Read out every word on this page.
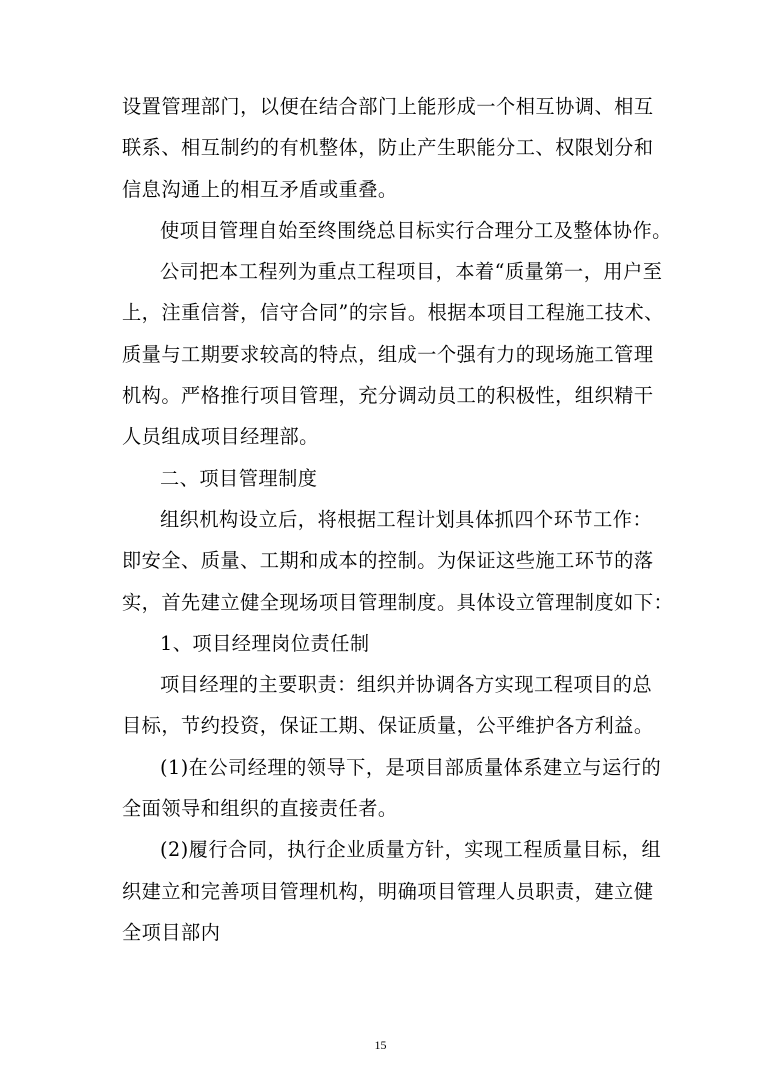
设置管理部门，以便在结合部门上能形成一个相互协调、相互
联系、相互制约的有机整体，防止产生职能分工、权限划分和
信息沟通上的相互矛盾或重叠。
使项目管理自始至终围绕总目标实行合理分工及整体协作。
公司把本工程列为重点工程项目，本着“质量第一，用户至
上，注重信誉，信守合同”的宗旨。根据本项目工程施工技术、
质量与工期要求较高的特点，组成一个强有力的现场施工管理
机构。严格推行项目管理，充分调动员工的积极性，组织精干
人员组成项目经理部。
二、项目管理制度
组织机构设立后，将根据工程计划具体抓四个环节工作：
即安全、质量、工期和成本的控制。为保证这些施工环节的落
实，首先建立健全现场项目管理制度。具体设立管理制度如下：
1、项目经理岗位责任制
项目经理的主要职责：组织并协调各方实现工程项目的总
目标，节约投资，保证工期、保证质量，公平维护各方利益。
(1)在公司经理的领导下，是项目部质量体系建立与运行的
全面领导和组织的直接责任者。
(2)履行合同，执行企业质量方针，实现工程质量目标，组
织建立和完善项目管理机构，明确项目管理人员职责，建立健
全项目部内
15
